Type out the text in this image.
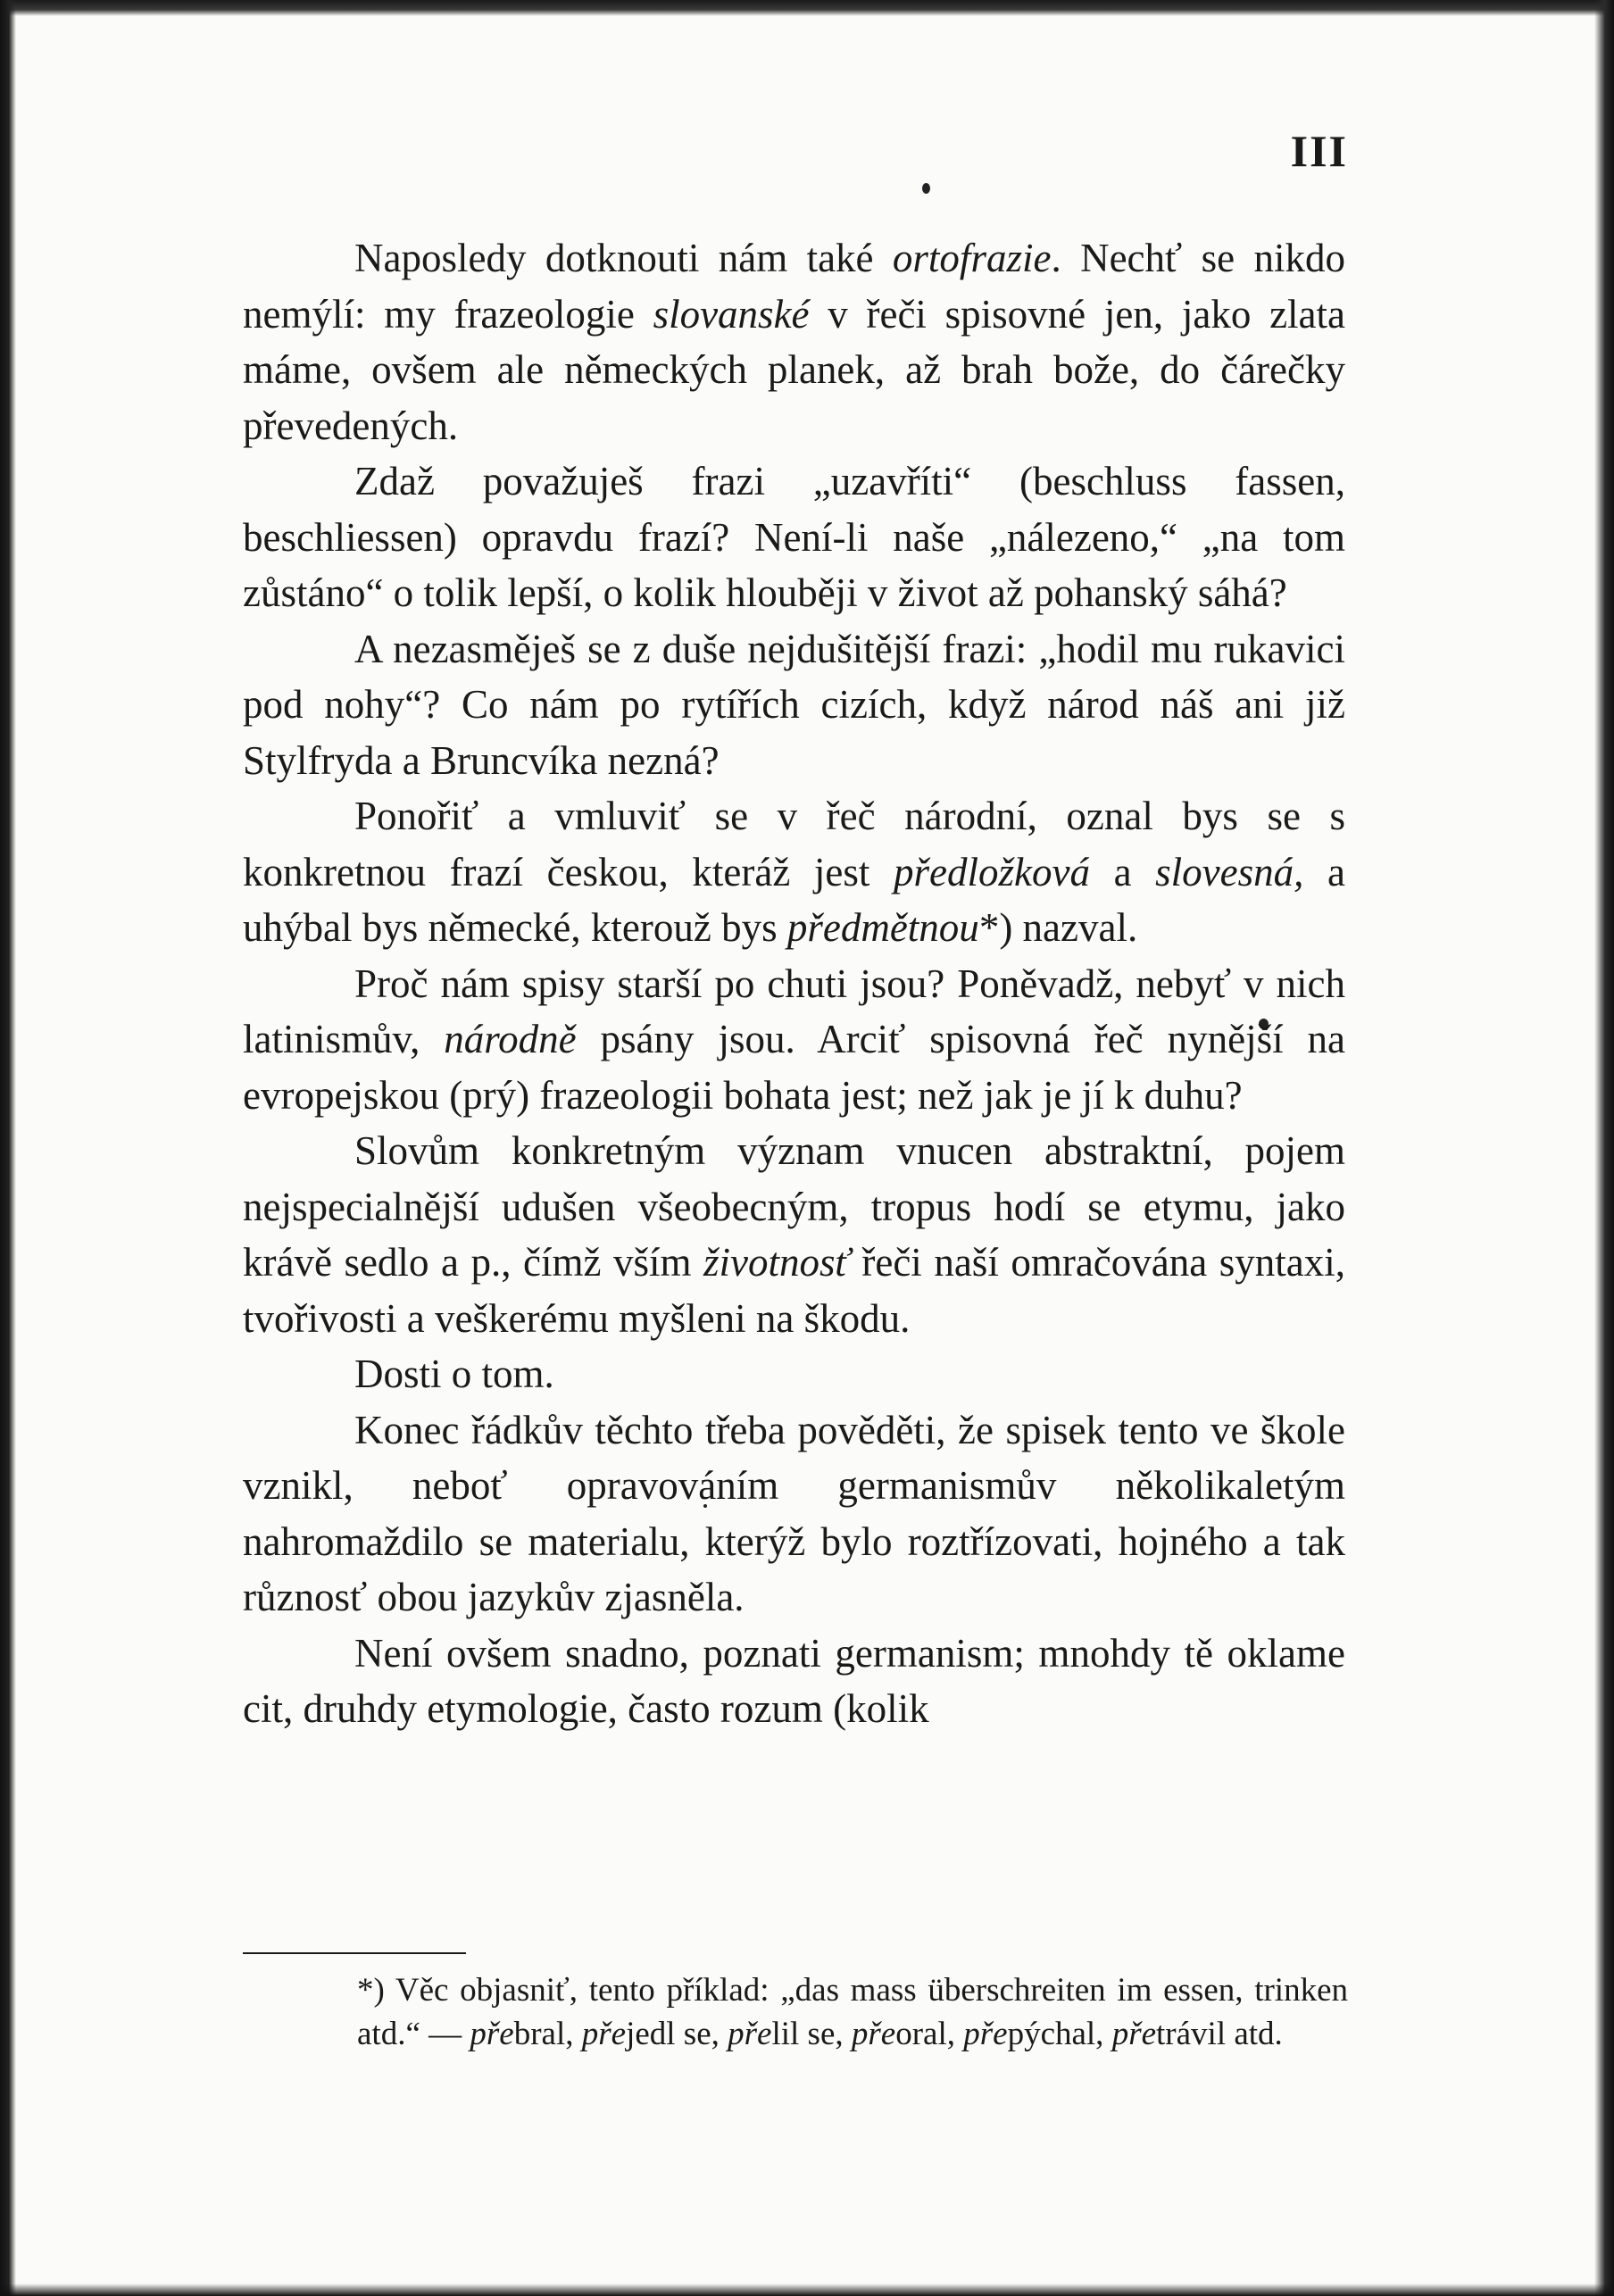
III

Naposledy dotknouti nám také ortofrazie. Nechť se nikdo nemýlí: my frazeologie slovanské v řeči spisovné jen, jako zlata máme, ovšem ale německých planek, až brah bože, do čárečky převedených.

Zdaž považuješ frazi „uzavříti“ (beschluss fassen, beschliessen) opravdu frazí? Není-li naše „nálezeno,“ „na tom zůstáno“ o tolik lepší, o kolik hlouběji v život až pohanský sáhá?

A nezasměješ se z duše nejdušitější frazi: „hodil mu rukavici pod nohy“? Co nám po rytířích cizích, když národ náš ani již Stylfryda a Bruncvíka nezná?

Ponořiť a vmluviť se v řeč národní, oznal bys se s konkretnou frazí českou, kteráž jest předložková a slovesná, a uhýbal bys německé, kterouž bys předmětnou*) nazval.

Proč nám spisy starší po chuti jsou? Poněvadž, nebyť v nich latinismův, národně psány jsou. Arciť spisovná řeč nynější na evropejskou (prý) frazeologii bohata jest; než jak je jí k duhu?

Slovům konkretným význam vnucen abstraktní, pojem nejspecialnější udušen všeobecným, tropus hodí se etymu, jako krávě sedlo a p., čímž vším životnosť řeči naší omračována syntaxi, tvořivosti a veškerému myšleni na škodu.

Dosti o tom.

Konec řádkův těchto třeba pověděti, že spisek tento ve škole vznikl, neboť opravováním germanismův několikaletým nahromaždilo se materialu, kterýž bylo roztřízovati, hojného a tak různosť obou jazykův zjasněla.

Není ovšem snadno, poznati germanism; mnohdy tě oklame cit, druhdy etymologie, často rozum (kolik

*) Věc objasniť, tento příklad: „das mass überschreiten im essen, trinken atd.“ — přebral, přejedl se, přelil se, přeoral, přepýchal, přetrávil atd.
